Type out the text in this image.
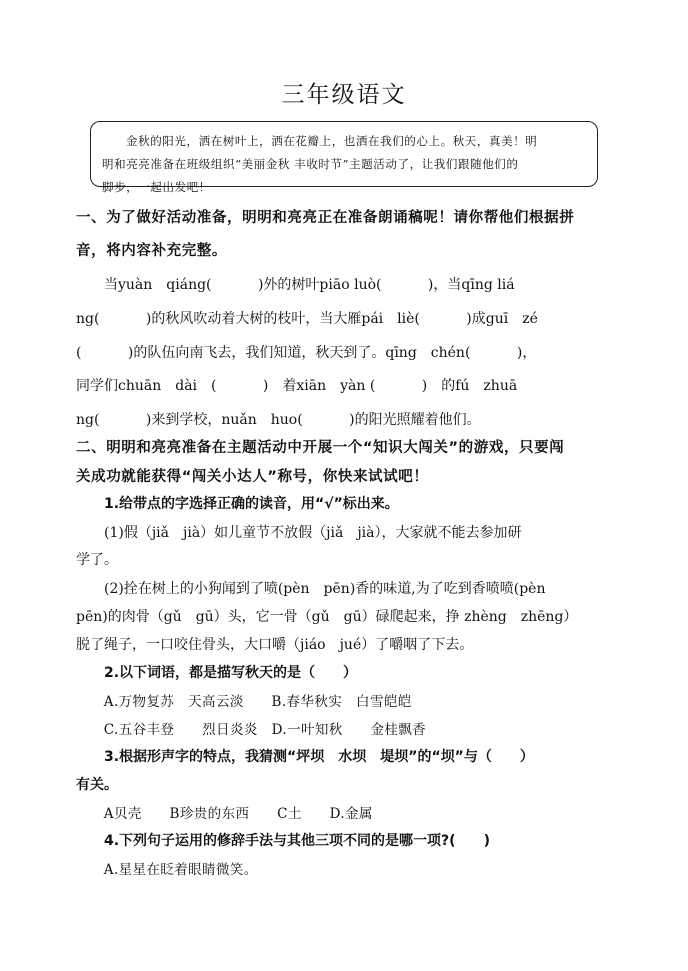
三年级语文
金秋的阳光，洒在树叶上，洒在花瓣上，也洒在我们的心上。秋天，真美！明
明和亮亮准备在班级组织“美丽金秋 丰收时节”主题活动了，让我们跟随他们的
脚步，一起出发吧！
一、为了做好活动准备，明明和亮亮正在准备朗诵稿呢！请你帮他们根据拼
音，将内容补充完整。
　　当yuàn　qiáng(　　　 )外的树叶piāo luò(　　　 )，当qīng liá
ng(　　　 )的秋风吹动着大树的枝叶，当大雁pái　liè(　　　 )成guī　zé
(　　　 )的队伍向南飞去，我们知道，秋天到了。qīng　chén(　　　 )，
同学们chuān　dài　(　　　 )　着xiān　yàn (　　　 )　的fú　zhuā
ng(　　　 )来到学校，nuǎn　huo(　　　 )的阳光照耀着他们。
二、明明和亮亮准备在主题活动中开展一个“知识大闯关”的游戏，只要闯
关成功就能获得“闯关小达人”称号，你快来试试吧！
　　1.给带点的字选择正确的读音，用“√”标出来。
　　(1)假（jiǎ　jià）如儿童节不放假（jiǎ　jià），大家就不能去参加研
学了。
　　(2)拴在树上的小狗闻到了喷(pèn　pēn)香的味道,为了吃到香喷喷(pèn
pēn)的肉骨（gǔ　gū）头，它一骨（gǔ　gū）碌爬起来，挣 zhèng　zhēng）
脱了绳子，一口咬住骨头，大口嚼（jiáo　jué）了嚼咽了下去。
　　2.以下词语，都是描写秋天的是（　　）
　　A.万物复苏　天高云淡　　B.春华秋实　白雪皑皑
　　C.五谷丰登　　烈日炎炎　D.一叶知秋　　金桂飘香
　　3.根据形声字的特点，我猜测“坪坝　水坝　堤坝”的“坝”与（　　）
有关。
　　A贝壳　　B珍贵的东西　　C土　　D.金属
　　4.下列句子运用的修辞手法与其他三项不同的是哪一项?(　　)
　　A.星星在眨着眼睛微笑。
